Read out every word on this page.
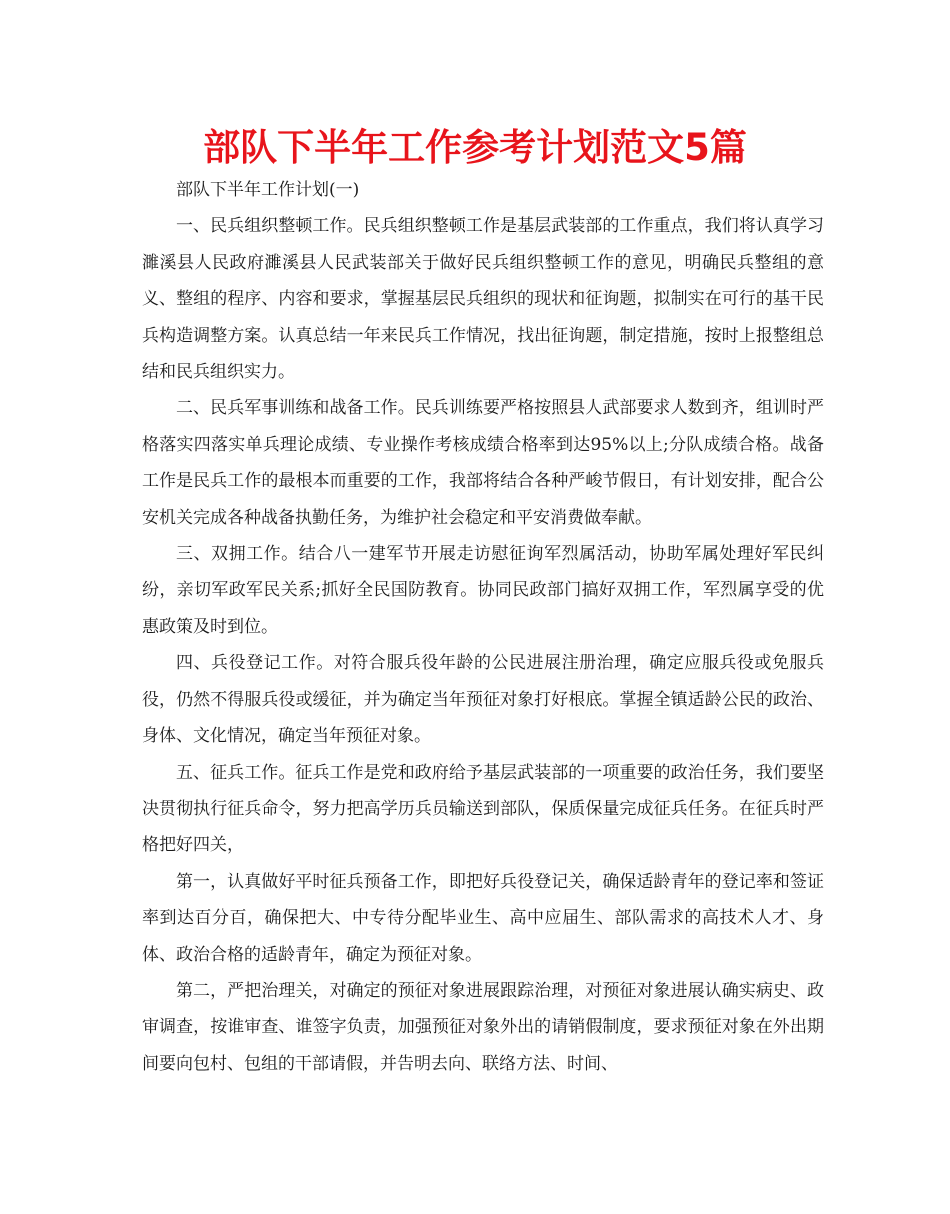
部队下半年工作参考计划范文5篇

部队下半年工作计划(一)

一、民兵组织整顿工作。民兵组织整顿工作是基层武装部的工作重点，我们将认真学习濉溪县人民政府濉溪县人民武装部关于做好民兵组织整顿工作的意见，明确民兵整组的意义、整组的程序、内容和要求，掌握基层民兵组织的现状和征询题，拟制实在可行的基干民兵构造调整方案。认真总结一年来民兵工作情况，找出征询题，制定措施，按时上报整组总结和民兵组织实力。

二、民兵军事训练和战备工作。民兵训练要严格按照县人武部要求人数到齐，组训时严格落实四落实单兵理论成绩、专业操作考核成绩合格率到达95%以上;分队成绩合格。战备工作是民兵工作的最根本而重要的工作，我部将结合各种严峻节假日，有计划安排，配合公安机关完成各种战备执勤任务，为维护社会稳定和平安消费做奉献。

三、双拥工作。结合八一建军节开展走访慰征询军烈属活动，协助军属处理好军民纠纷，亲切军政军民关系;抓好全民国防教育。协同民政部门搞好双拥工作，军烈属享受的优惠政策及时到位。

四、兵役登记工作。对符合服兵役年龄的公民进展注册治理，确定应服兵役或免服兵役，仍然不得服兵役或缓征，并为确定当年预征对象打好根底。掌握全镇适龄公民的政治、身体、文化情况，确定当年预征对象。

五、征兵工作。征兵工作是党和政府给予基层武装部的一项重要的政治任务，我们要坚决贯彻执行征兵命令，努力把高学历兵员输送到部队，保质保量完成征兵任务。在征兵时严格把好四关，

第一，认真做好平时征兵预备工作，即把好兵役登记关，确保适龄青年的登记率和签证率到达百分百，确保把大、中专待分配毕业生、高中应届生、部队需求的高技术人才、身体、政治合格的适龄青年，确定为预征对象。

第二，严把治理关，对确定的预征对象进展跟踪治理，对预征对象进展认确实病史、政审调查，按谁审查、谁签字负责，加强预征对象外出的请销假制度，要求预征对象在外出期间要向包村、包组的干部请假，并告明去向、联络方法、时间、
